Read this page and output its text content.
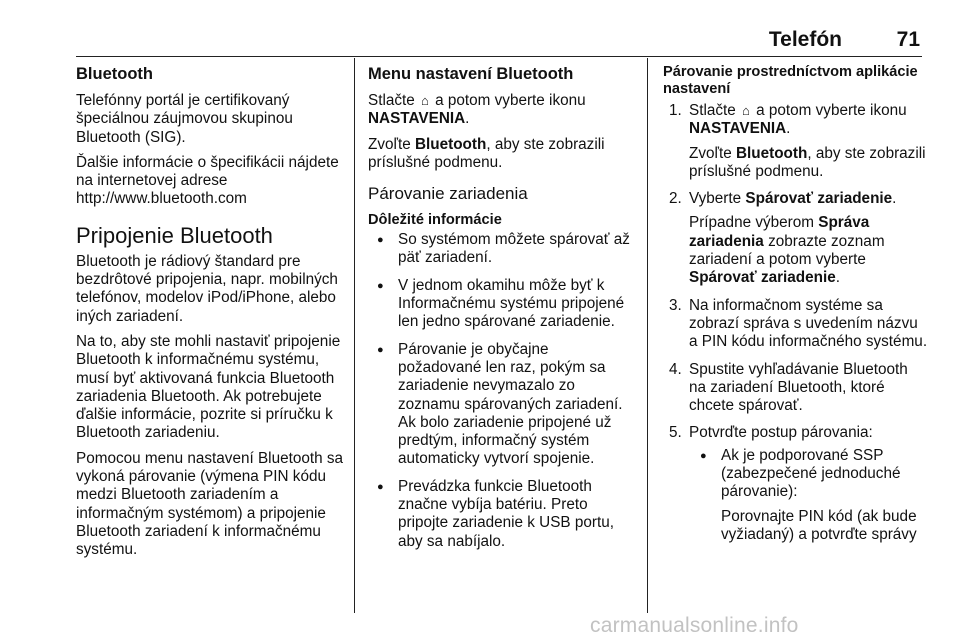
Telefón	71
Bluetooth

Telefónny portál je certifikovaný špeciálnou záujmovou skupinou Bluetooth (SIG).

Ďalšie informácie o špecifikácii nájdete na internetovej adrese http://www.bluetooth.com

Pripojenie Bluetooth

Bluetooth je rádiový štandard pre bezdrôtové pripojenia, napr. mobilných telefónov, modelov iPod/iPhone, alebo iných zariadení.

Na to, aby ste mohli nastaviť pripojenie Bluetooth k informačnému systému, musí byť aktivovaná funkcia Bluetooth zariadenia Bluetooth. Ak potrebujete ďalšie informácie, pozrite si príručku k Bluetooth zariadeniu.

Pomocou menu nastavení Bluetooth sa vykoná párovanie (výmena PIN kódu medzi Bluetooth zariadením a informačným systémom) a pripojenie Bluetooth zariadení k informačnému systému.

Menu nastavení Bluetooth

Stlačte ⌂ a potom vyberte ikonu NASTAVENIA.

Zvoľte Bluetooth, aby ste zobrazili príslušné podmenu.

Párovanie zariadenia
Dôležité informácie
● So systémom môžete spárovať až päť zariadení.
● V jednom okamihu môže byť k Informačnému systému pripojené len jedno spárované zariadenie.
● Párovanie je obyčajne požadované len raz, pokým sa zariadenie nevymazalo zo zoznamu spárovaných zariadení. Ak bolo zariadenie pripojené už predtým, informačný systém automaticky vytvorí spojenie.
● Prevádzka funkcie Bluetooth značne vybíja batériu. Preto pripojte zariadenie k USB portu, aby sa nabíjalo.
Párovanie prostredníctvom aplikácie nastavení
1. Stlačte ⌂ a potom vyberte ikonu NASTAVENIA.

Zvoľte Bluetooth, aby ste zobrazili príslušné podmenu.

2. Vyberte Spárovať zariadenie.

Prípadne výberom Správa zariadenia zobrazte zoznam zariadení a potom vyberte Spárovať zariadenie.

3. Na informačnom systéme sa zobrazí správa s uvedením názvu a PIN kódu informačného systému.
4. Spustite vyhľadávanie Bluetooth na zariadení Bluetooth, ktoré chcete spárovať.
5. Potvrďte postup párovania:
● Ak je podporované SSP (zabezpečené jednoduché párovanie):

Porovnajte PIN kód (ak bude vyžiadaný) a potvrďte správy

carmanualsonline.info
